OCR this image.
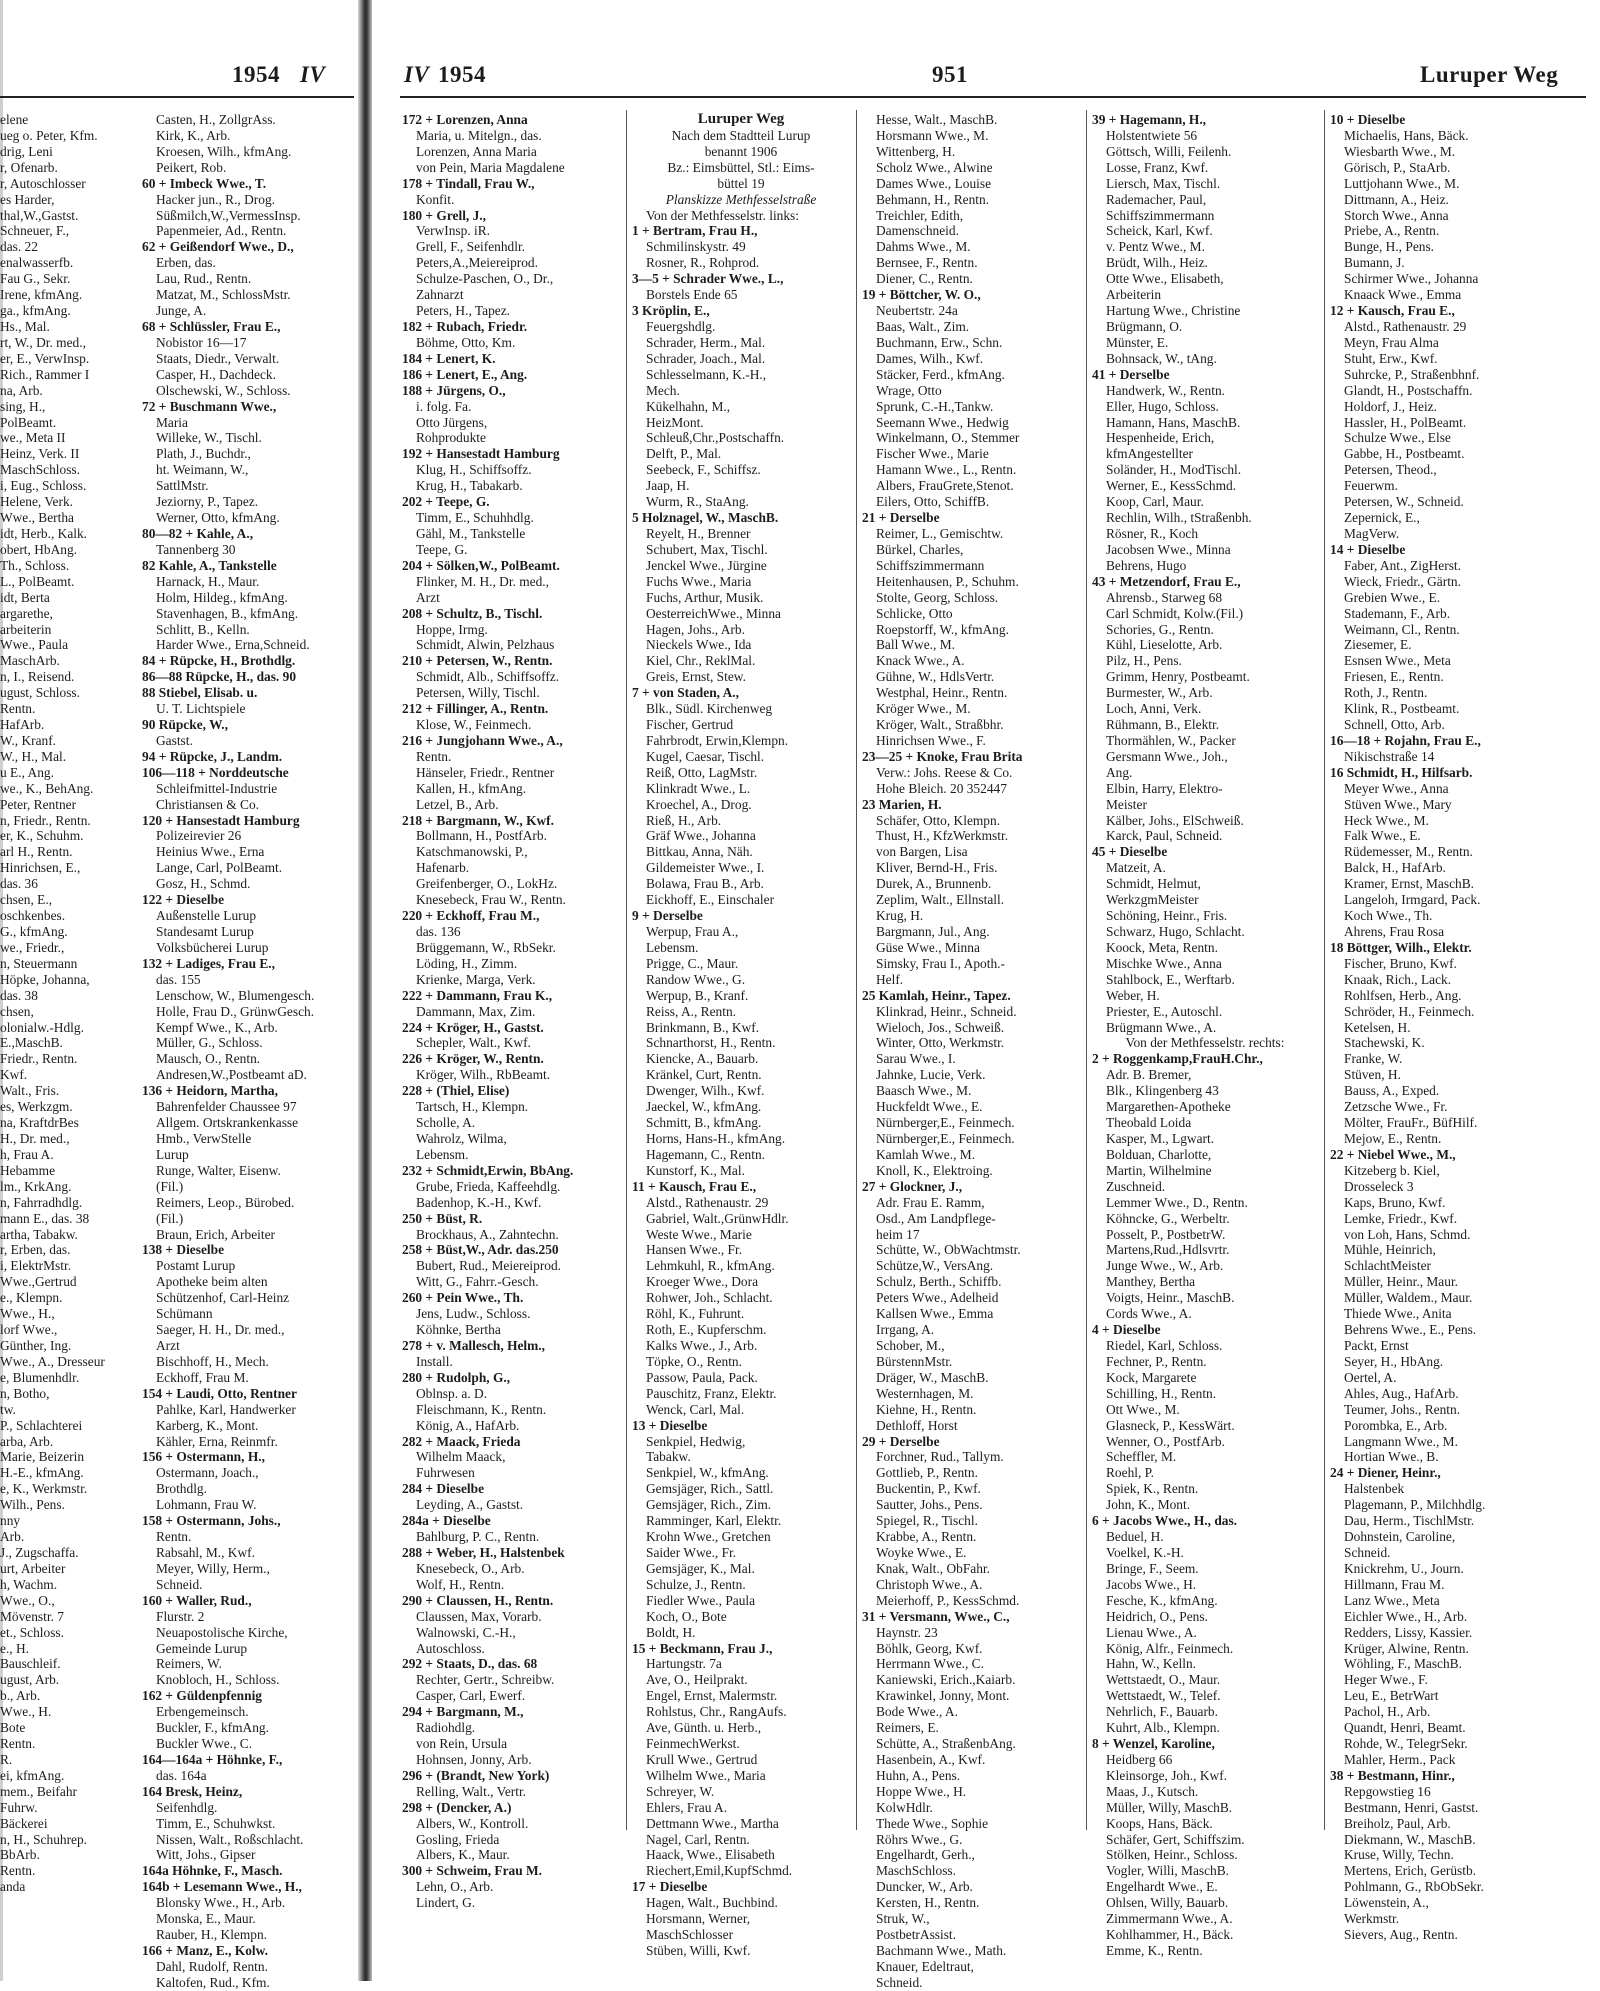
1954 IV
elene
ueg o. Peter, Kfm.
drig, Leni
r, Ofenarb.
r, Autoschlosser
es Harder,
thal,W.,Gastst.
Schneuer, F.,
das. 22
enalwasserfb.
Fau G., Sekr.
Irene, kfmAng.
ga., kfmAng.
Hs., Mal.
rt, W., Dr. med.,
er, E., VerwInsp.
Rich., Rammer I
na, Arb.
sing, H.,
PolBeamt.
we., Meta II
Heinz, Verk. II
MaschSchloss.
i, Eug., Schloss.
Helene, Verk.
Wwe., Bertha
idt, Herb., Kalk.
obert, HbAng.
Th., Schloss.
L., PolBeamt.
idt, Berta
argarethe,
arbeiterin
Wwe., Paula
MaschArb.
n, I., Reisend.
ugust, Schloss.
Rentn.
HafArb.
W., Kranf.
W., H., Mal.
u E., Ang.
we., K., BehAng.
Peter, Rentner
n, Friedr., Rentn.
er, K., Schuhm.
arl H., Rentn.
Hinrichsen, E.,
das. 36
chsen, E.,
oschkenbes.
G., kfmAng.
we., Friedr.,
n, Steuermann
Höpke, Johanna,
das. 38
chsen,
olonialw.-Hdlg.
E.,MaschB.
Friedr., Rentn.
Kwf.
Walt., Fris.
es, Werkzgm.
na, KraftdrBes
H., Dr. med.,
h, Frau A.
Hebamme
lm., KrkAng.
n, Fahrradhdlg.
mann E., das. 38
artha, Tabakw.
r, Erben, das.
i, ElektrMstr.
Wwe.,Gertrud
e., Klempn.
Wwe., H.,
lorf Wwe.,
Günther, Ing.
Wwe., A., Dresseur
e, Blumenhdlr.
n, Botho,
tw.
P., Schlachterei
arba, Arb.
Marie, Beizerin
H.-E., kfmAng.
e, K., Werkmstr.
Wilh., Pens.
nny
Arb.
J., Zugschaffa.
urt, Arbeiter
h, Wachm.
Wwe., O.,
Mövenstr. 7
et., Schloss.
e., H.
Bauschleif.
ugust, Arb.
b., Arb.
Wwe., H.
Bote
Rentn.
R.
ei, kfmAng.
mem., Beifahr
Fuhrw.
Bäckerei
n, H., Schuhrep.
BbArb.
Rentn.
anda
Casten, H., ZollgrAss.
Kirk, K., Arb.
Kroesen, Wilh., kfmAng.
Peikert, Rob.
60 + Imbeck Wwe., T.
Hacker jun., R., Drog.
Süßmilch,W.,VermessInsp.
Papenmeier, Ad., Rentn.
62 + Geißendorf Wwe., D.,
Erben, das.
Lau, Rud., Rentn.
Matzat, M., SchlossMstr.
Junge, A.
68 + Schlüssler, Frau E.,
Nobistor 16—17
Staats, Diedr., Verwalt.
Casper, H., Dachdeck.
Olschewski, W., Schloss.
72 + Buschmann Wwe.,
Maria
Willeke, W., Tischl.
Plath, J., Buchdr.,
ht. Weimann, W.,
SattlMstr.
Jeziorny, P., Tapez.
Werner, Otto, kfmAng.
80—82 + Kahle, A.,
Tannenberg 30
82 Kahle, A., Tankstelle
Harnack, H., Maur.
Holm, Hildeg., kfmAng.
Stavenhagen, B., kfmAng.
Schlitt, B., Kelln.
Harder Wwe., Erna,Schneid.
84 + Rüpcke, H., Brothdlg.
86—88 Rüpcke, H., das. 90
88 Stiebel, Elisab. u.
U. T. Lichtspiele
90 Rüpcke, W.,
Gastst.
94 + Rüpcke, J., Landm.
106—118 + Norddeutsche
Schleifmittel-Industrie
Christiansen & Co.
120 + Hansestadt Hamburg
Polizeirevier 26
Heinius Wwe., Erna
Lange, Carl, PolBeamt.
Gosz, H., Schmd.
122 + Dieselbe
Außenstelle Lurup
Standesamt Lurup
Volksbücherei Lurup
132 + Ladiges, Frau E.,
das. 155
Lenschow, W., Blumengesch.
Holle, Frau D., GrünwGesch.
Kempf Wwe., K., Arb.
Müller, G., Schloss.
Mausch, O., Rentn.
Andresen,W.,Postbeamt aD.
136 + Heidorn, Martha,
Bahrenfelder Chaussee 97
Allgem. Ortskrankenkasse
Hmb., VerwStelle
Lurup
Runge, Walter, Eisenw.
(Fil.)
Reimers, Leop., Bürobed.
(Fil.)
Braun, Erich, Arbeiter
138 + Dieselbe
Postamt Lurup
Apotheke beim alten
Schützenhof, Carl-Heinz
Schümann
Saeger, H. H., Dr. med.,
Arzt
Bischhoff, H., Mech.
Eckhoff, Frau M.
154 + Laudi, Otto, Rentner
Pahlke, Karl, Handwerker
Karberg, K., Mont.
Kähler, Erna, Reinmfr.
156 + Ostermann, H.,
Ostermann, Joach.,
Brothdlg.
Lohmann, Frau W.
158 + Ostermann, Johs.,
Rentn.
Rabsahl, M., Kwf.
Meyer, Willy, Herm.,
Schneid.
160 + Waller, Rud.,
Flurstr. 2
Neuapostolische Kirche,
Gemeinde Lurup
Reimers, W.
Knobloch, H., Schloss.
162 + Güldenpfennig
Erbengemeinsch.
Buckler, F., kfmAng.
Buckler Wwe., C.
164—164a + Höhnke, F.,
das. 164a
164 Bresk, Heinz,
Seifenhdlg.
Timm, E., Schuhwkst.
Nissen, Walt., Roßschlacht.
Witt, Johs., Gipser
164a Höhnke, F., Masch.
164b + Lesemann Wwe., H.,
Blonsky Wwe., H., Arb.
Monska, E., Maur.
Rauber, H., Klempn.
166 + Manz, E., Kolw.
Dahl, Rudolf, Rentn.
Kaltofen, Rud., Kfm.
IV 1954	951	Luruper Weg
172 + Lorenzen, Anna
Maria, u. Mitelgn., das.
Lorenzen, Anna Maria
von Pein, Maria Magdalene
178 + Tindall, Frau W.,
Konfit.
180 + Grell, J.,
VerwInsp. iR.
Grell, F., Seifenhdlr.
Peters,A.,Meiereiprod.
Schulze-Paschen, O., Dr.,
Zahnarzt
Peters, H., Tapez.
182 + Rubach, Friedr.
Böhme, Otto, Km.
184 + Lenert, K.
186 + Lenert, E., Ang.
188 + Jürgens, O.,
i. folg. Fa.
Otto Jürgens,
Rohprodukte
192 + Hansestadt Hamburg
Klug, H., Schiffsoffz.
Krug, H., Tabakarb.
202 + Teepe, G.
Timm, E., Schuhhdlg.
Gähl, M., Tankstelle
Teepe, G.
204 + Sölken,W., PolBeamt.
Flinker, M. H., Dr. med.,
Arzt
208 + Schultz, B., Tischl.
Hoppe, Irmg.
Schmidt, Alwin, Pelzhaus
210 + Petersen, W., Rentn.
Schmidt, Alb., Schiffsoffz.
Petersen, Willy, Tischl.
212 + Fillinger, A., Rentn.
Klose, W., Feinmech.
216 + Jungjohann Wwe., A.,
Rentn.
Hänseler, Friedr., Rentner
Kallen, H., kfmAng.
Letzel, B., Arb.
218 + Bargmann, W., Kwf.
Bollmann, H., PostfArb.
Katschmanowski, P.,
Hafenarb.
Greifenberger, O., LokHz.
Knesebeck, Frau W., Rentn.
220 + Eckhoff, Frau M.,
das. 136
Brüggemann, W., RbSekr.
Löding, H., Zimm.
Krienke, Marga, Verk.
222 + Dammann, Frau K.,
Dammann, Max, Zim.
224 + Kröger, H., Gastst.
Schepler, Walt., Kwf.
226 + Kröger, W., Rentn.
Kröger, Wilh., RbBeamt.
228 + (Thiel, Elise)
Tartsch, H., Klempn.
Scholle, A.
Wahrolz, Wilma,
Lebensm.
232 + Schmidt,Erwin, BbAng.
Grube, Frieda, Kaffeehdlg.
Badenhop, K.-H., Kwf.
250 + Büst, R.
Brockhaus, A., Zahntechn.
258 + Büst,W., Adr. das.250
Bubert, Rud., Meiereiprod.
Witt, G., Fahrr.-Gesch.
260 + Pein Wwe., Th.
Jens, Ludw., Schloss.
Köhnke, Bertha
278 + v. Mallesch, Helm.,
Install.
280 + Rudolph, G.,
Oblnsp. a. D.
Fleischmann, K., Rentn.
König, A., HafArb.
282 + Maack, Frieda
Wilhelm Maack,
Fuhrwesen
284 + Dieselbe
Leyding, A., Gastst.
284a + Dieselbe
Bahlburg, P. C., Rentn.
288 + Weber, H., Halstenbek
Knesebeck, O., Arb.
Wolf, H., Rentn.
290 + Claussen, H., Rentn.
Claussen, Max, Vorarb.
Walnowski, C.-H.,
Autoschloss.
292 + Staats, D., das. 68
Rechter, Gertr., Schreibw.
Casper, Carl, Ewerf.
294 + Bargmann, M.,
Radiohdlg.
von Rein, Ursula
Hohnsen, Jonny, Arb.
296 + (Brandt, New York)
Relling, Walt., Vertr.
298 + (Dencker, A.)
Albers, W., Kontroll.
Gosling, Frieda
Albers, K., Maur.
300 + Schweim, Frau M.
Lehn, O., Arb.
Lindert, G.
Luruper Weg
Nach dem Stadtteil Lurup
benannt 1906
Bz.: Eimsbüttel, Stl.: Eims-
büttel 19
Planskizze Methfesselstraße
Von der Methfesselstr. links:
1 + Bertram, Frau H.,
Schmilinskystr. 49
Rosner, R., Rohprod.
3—5 + Schrader Wwe., L.,
Borstels Ende 65
3 Kröplin, E.,
Feuergshdlg.
Schrader, Herm., Mal.
Schrader, Joach., Mal.
Schlesselmann, K.-H.,
Mech.
Kükelhahn, M.,
HeizMont.
Schleuß,Chr.,Postschaffn.
Delft, P., Mal.
Seebeck, F., Schiffsz.
Jaap, H.
Wurm, R., StaAng.
5 Holznagel, W., MaschB.
Reyelt, H., Brenner
Schubert, Max, Tischl.
Jenckel Wwe., Jürgine
Fuchs Wwe., Maria
Fuchs, Arthur, Musik.
OesterreichWwe., Minna
Hagen, Johs., Arb.
Nieckels Wwe., Ida
Kiel, Chr., ReklMal.
Greis, Ernst, Stew.
7 + von Staden, A.,
Blk., Südl. Kirchenweg
Fischer, Gertrud
Fahrbrodt, Erwin,Klempn.
Kugel, Caesar, Tischl.
Reiß, Otto, LagMstr.
Klinkradt Wwe., L.
Kroechel, A., Drog.
Rieß, H., Arb.
Gräf Wwe., Johanna
Bittkau, Anna, Näh.
Gildemeister Wwe., I.
Bolawa, Frau B., Arb.
Eickhoff, E., Einschaler
9 + Derselbe
Werpup, Frau A.,
Lebensm.
Prigge, C., Maur.
Randow Wwe., G.
Werpup, B., Kranf.
Reiss, A., Rentn.
Brinkmann, B., Kwf.
Schnarthorst, H., Rentn.
Kiencke, A., Bauarb.
Kränkel, Curt, Rentn.
Dwenger, Wilh., Kwf.
Jaeckel, W., kfmAng.
Schmitt, B., kfmAng.
Horns, Hans-H., kfmAng.
Hagemann, C., Rentn.
Kunstorf, K., Mal.
11 + Kausch, Frau E.,
Alstd., Rathenaustr. 29
Gabriel, Walt.,GrünwHdlr.
Weste Wwe., Marie
Hansen Wwe., Fr.
Lehmkuhl, R., kfmAng.
Kroeger Wwe., Dora
Rohwer, Joh., Schlacht.
Röhl, K., Fuhrunt.
Roth, E., Kupferschm.
Kalks Wwe., J., Arb.
Töpke, O., Rentn.
Passow, Paula, Pack.
Pauschitz, Franz, Elektr.
Wenck, Carl, Mal.
13 + Dieselbe
Senkpiel, Hedwig,
Tabakw.
Senkpiel, W., kfmAng.
Gemsjäger, Rich., Sattl.
Gemsjäger, Rich., Zim.
Ramminger, Karl, Elektr.
Krohn Wwe., Gretchen
Saider Wwe., Fr.
Gemsjäger, K., Mal.
Schulze, J., Rentn.
Fiedler Wwe., Paula
Koch, O., Bote
Boldt, H.
15 + Beckmann, Frau J.,
Hartungstr. 7a
Ave, O., Heilprakt.
Engel, Ernst, Malermstr.
Rohlstus, Chr., RangAufs.
Ave, Günth. u. Herb.,
FeinmechWerkst.
Krull Wwe., Gertrud
Wilhelm Wwe., Maria
Schreyer, W.
Ehlers, Frau A.
Dettmann Wwe., Martha
Nagel, Carl, Rentn.
Haack, Wwe., Elisabeth
Riechert,Emil,KupfSchmd.
17 + Dieselbe
Hagen, Walt., Buchbind.
Horsmann, Werner,
MaschSchlosser
Stüben, Willi, Kwf.
Hesse, Walt., MaschB.
Horsmann Wwe., M.
Wittenberg, H.
Scholz Wwe., Alwine
Dames Wwe., Louise
Behmann, H., Rentn.
Treichler, Edith,
Damenschneid.
Dahms Wwe., M.
Bernsee, F., Rentn.
Diener, C., Rentn.
19 + Böttcher, W. O.,
Neubertstr. 24a
Baas, Walt., Zim.
Buchmann, Erw., Schn.
Dames, Wilh., Kwf.
Stäcker, Ferd., kfmAng.
Wrage, Otto
Sprunk, C.-H.,Tankw.
Seemann Wwe., Hedwig
Winkelmann, O., Stemmer
Fischer Wwe., Marie
Hamann Wwe., L., Rentn.
Albers, FrauGrete,Stenot.
Eilers, Otto, SchiffB.
21 + Derselbe
Reimer, L., Gemischtw.
Bürkel, Charles,
Schiffszimmermann
Heitenhausen, P., Schuhm.
Stolte, Georg, Schloss.
Schlicke, Otto
Roepstorff, W., kfmAng.
Ball Wwe., M.
Knack Wwe., A.
Gühne, W., HdlsVertr.
Westphal, Heinr., Rentn.
Kröger Wwe., M.
Kröger, Walt., Straßbhr.
Hinrichsen Wwe., F.
23—25 + Knoke, Frau Brita
Verw.: Johs. Reese & Co.
Hohe Bleich. 20 352447
23 Marien, H.
Schäfer, Otto, Klempn.
Thust, H., KfzWerkmstr.
von Bargen, Lisa
Kliver, Bernd-H., Fris.
Durek, A., Brunnenb.
Zeplim, Walt., Ellnstall.
Krug, H.
Bargmann, Jul., Ang.
Güse Wwe., Minna
Simsky, Frau I., Apoth.-
Helf.
25 Kamlah, Heinr., Tapez.
Klinkrad, Heinr., Schneid.
Wieloch, Jos., Schweiß.
Winter, Otto, Werkmstr.
Sarau Wwe., I.
Jahnke, Lucie, Verk.
Baasch Wwe., M.
Huckfeldt Wwe., E.
Nürnberger,E., Feinmech.
Nürnberger,E., Feinmech.
Kamlah Wwe., M.
Knoll, K., Elektroing.
27 + Glockner, J.,
Adr. Frau E. Ramm,
Osd., Am Landpflege-
heim 17
Schütte, W., ObWachtmstr.
Schütze,W., VersAng.
Schulz, Berth., Schiffb.
Peters Wwe., Adelheid
Kallsen Wwe., Emma
Irrgang, A.
Schober, M.,
BürstennMstr.
Dräger, W., MaschB.
Westernhagen, M.
Kiehne, H., Rentn.
Dethloff, Horst
29 + Derselbe
Forchner, Rud., Tallym.
Gottlieb, P., Rentn.
Buckentin, P., Kwf.
Sautter, Johs., Pens.
Spiegel, R., Tischl.
Krabbe, A., Rentn.
Woyke Wwe., E.
Knak, Walt., ObFahr.
Christoph Wwe., A.
Meierhoff, P., KessSchmd.
31 + Versmann, Wwe., C.,
Haynstr. 23
Böhlk, Georg, Kwf.
Herrmann Wwe., C.
Kaniewski, Erich.,Kaiarb.
Krawinkel, Jonny, Mont.
Bode Wwe., A.
Reimers, E.
Schütte, A., StraßenbAng.
Hasenbein, A., Kwf.
Huhn, A., Pens.
Hoppe Wwe., H.
KolwHdlr.
Thede Wwe., Sophie
Röhrs Wwe., G.
Engelhardt, Gerh.,
MaschSchloss.
Duncker, W., Arb.
Kersten, H., Rentn.
Struk, W.,
PostbetrAssist.
Bachmann Wwe., Math.
Knauer, Edeltraut,
Schneid.
39 + Hagemann, H.,
Holstentwiete 56
Göttsch, Willi, Feilenh.
Losse, Franz, Kwf.
Liersch, Max, Tischl.
Rademacher, Paul,
Schiffszimmermann
Scheick, Karl, Kwf.
v. Pentz Wwe., M.
Brüdt, Wilh., Heiz.
Otte Wwe., Elisabeth,
Arbeiterin
Hartung Wwe., Christine
Brügmann, O.
Münster, E.
Bohnsack, W., tAng.
41 + Derselbe
Handwerk, W., Rentn.
Eller, Hugo, Schloss.
Hamann, Hans, MaschB.
Hespenheide, Erich,
kfmAngestellter
Soländer, H., ModTischl.
Werner, E., KessSchmd.
Koop, Carl, Maur.
Rechlin, Wilh., tStraßenbh.
Rösner, R., Koch
Jacobsen Wwe., Minna
Behrens, Hugo
43 + Metzendorf, Frau E.,
Ahrensb., Starweg 68
Carl Schmidt, Kolw.(Fil.)
Schories, G., Rentn.
Kühl, Lieselotte, Arb.
Pilz, H., Pens.
Grimm, Henry, Postbeamt.
Burmester, W., Arb.
Loch, Anni, Verk.
Rühmann, B., Elektr.
Thormählen, W., Packer
Gersmann Wwe., Joh.,
Ang.
Elbin, Harry, Elektro-
Meister
Kälber, Johs., ElSchweiß.
Karck, Paul, Schneid.
45 + Dieselbe
Matzeit, A.
Schmidt, Helmut,
WerkzgmMeister
Schöning, Heinr., Fris.
Schwarz, Hugo, Schlacht.
Koock, Meta, Rentn.
Mischke Wwe., Anna
Stahlbock, E., Werftarb.
Weber, H.
Priester, E., Autoschl.
Brügmann Wwe., A.
Von der Methfesselstr. rechts:
2 + Roggenkamp,FrauH.Chr.,
Adr. B. Bremer,
Blk., Klingenberg 43
Margarethen-Apotheke
Theobald Loida
Kasper, M., Lgwart.
Bolduan, Charlotte,
Martin, Wilhelmine
Zuschneid.
Lemmer Wwe., D., Rentn.
Köhncke, G., Werbeltr.
Posselt, P., PostbetrW.
Martens,Rud.,Hdlsvrtr.
Junge Wwe., W., Arb.
Manthey, Bertha
Voigts, Heinr., MaschB.
Cords Wwe., A.
4 + Dieselbe
Riedel, Karl, Schloss.
Fechner, P., Rentn.
Kock, Margarete
Schilling, H., Rentn.
Ott Wwe., M.
Glasneck, P., KessWärt.
Wenner, O., PostfArb.
Scheffler, M.
Roehl, P.
Spiek, K., Rentn.
John, K., Mont.
6 + Jacobs Wwe., H., das.
Beduel, H.
Voelkel, K.-H.
Bringe, F., Seem.
Jacobs Wwe., H.
Fesche, K., kfmAng.
Heidrich, O., Pens.
Lienau Wwe., A.
König, Alfr., Feinmech.
Hahn, W., Kelln.
Wettstaedt, O., Maur.
Wettstaedt, W., Telef.
Nehrlich, F., Bauarb.
Kuhrt, Alb., Klempn.
8 + Wenzel, Karoline,
Heidberg 66
Kleinsorge, Joh., Kwf.
Maas, J., Kutsch.
Müller, Willy, MaschB.
Koops, Hans, Bäck.
Schäfer, Gert, Schiffszim.
Stölken, Heinr., Schloss.
Vogler, Willi, MaschB.
Engelhardt Wwe., E.
Ohlsen, Willy, Bauarb.
Zimmermann Wwe., A.
Kohlhammer, H., Bäck.
Emme, K., Rentn.
10 + Dieselbe
Michaelis, Hans, Bäck.
Wiesbarth Wwe., M.
Görisch, P., StaArb.
Luttjohann Wwe., M.
Dittmann, A., Heiz.
Storch Wwe., Anna
Priebe, A., Rentn.
Bunge, H., Pens.
Bumann, J.
Schirmer Wwe., Johanna
Knaack Wwe., Emma
12 + Kausch, Frau E.,
Alstd., Rathenaustr. 29
Meyn, Frau Alma
Stuht, Erw., Kwf.
Suhrcke, P., Straßenbhnf.
Glandt, H., Postschaffn.
Holdorf, J., Heiz.
Hassler, H., PolBeamt.
Schulze Wwe., Else
Gabbe, H., Postbeamt.
Petersen, Theod.,
Feuerwm.
Petersen, W., Schneid.
Zepernick, E.,
MagVerw.
14 + Dieselbe
Faber, Ant., ZigHerst.
Wieck, Friedr., Gärtn.
Grebien Wwe., E.
Stademann, F., Arb.
Weimann, Cl., Rentn.
Ziesemer, E.
Esnsen Wwe., Meta
Friesen, E., Rentn.
Roth, J., Rentn.
Klink, R., Postbeamt.
Schnell, Otto, Arb.
16—18 + Rojahn, Frau E.,
Nikischstraße 14
16 Schmidt, H., Hilfsarb.
Meyer Wwe., Anna
Stüven Wwe., Mary
Heck Wwe., M.
Falk Wwe., E.
Rüdemesser, M., Rentn.
Balck, H., HafArb.
Kramer, Ernst, MaschB.
Langeloh, Irmgard, Pack.
Koch Wwe., Th.
Ahrens, Frau Rosa
18 Böttger, Wilh., Elektr.
Fischer, Bruno, Kwf.
Knaak, Rich., Lack.
Rohlfsen, Herb., Ang.
Schröder, H., Feinmech.
Ketelsen, H.
Stachewski, K.
Franke, W.
Stüven, H.
Bauss, A., Exped.
Zetzsche Wwe., Fr.
Mölter, FrauFr., BüfHilf.
Mejow, E., Rentn.
22 + Niebel Wwe., M.,
Kitzeberg b. Kiel,
Drosseleck 3
Kaps, Bruno, Kwf.
Lemke, Friedr., Kwf.
von Loh, Hans, Schmd.
Mühle, Heinrich,
SchlachtMeister
Müller, Heinr., Maur.
Müller, Waldem., Maur.
Thiede Wwe., Anita
Behrens Wwe., E., Pens.
Packt, Ernst
Seyer, H., HbAng.
Oertel, A.
Ahles, Aug., HafArb.
Teumer, Johs., Rentn.
Porombka, E., Arb.
Langmann Wwe., M.
Hortian Wwe., B.
24 + Diener, Heinr.,
Halstenbek
Plagemann, P., Milchhdlg.
Dau, Herm., TischlMstr.
Dohnstein, Caroline,
Schneid.
Knickrehm, U., Journ.
Hillmann, Frau M.
Lanz Wwe., Meta
Eichler Wwe., H., Arb.
Redders, Lissy, Kassier.
Krüger, Alwine, Rentn.
Wöhling, F., MaschB.
Heger Wwe., F.
Leu, E., BetrWart
Pachol, H., Arb.
Quandt, Henri, Beamt.
Rohde, W., TelegrSekr.
Mahler, Herm., Pack
38 + Bestmann, Hinr.,
Repgowstieg 16
Bestmann, Henri, Gastst.
Breiholz, Paul, Arb.
Diekmann, W., MaschB.
Kruse, Willy, Techn.
Mertens, Erich, Gerüstb.
Pohlmann, G., RbObSekr.
Löwenstein, A.,
Werkmstr.
Sievers, Aug., Rentn.
